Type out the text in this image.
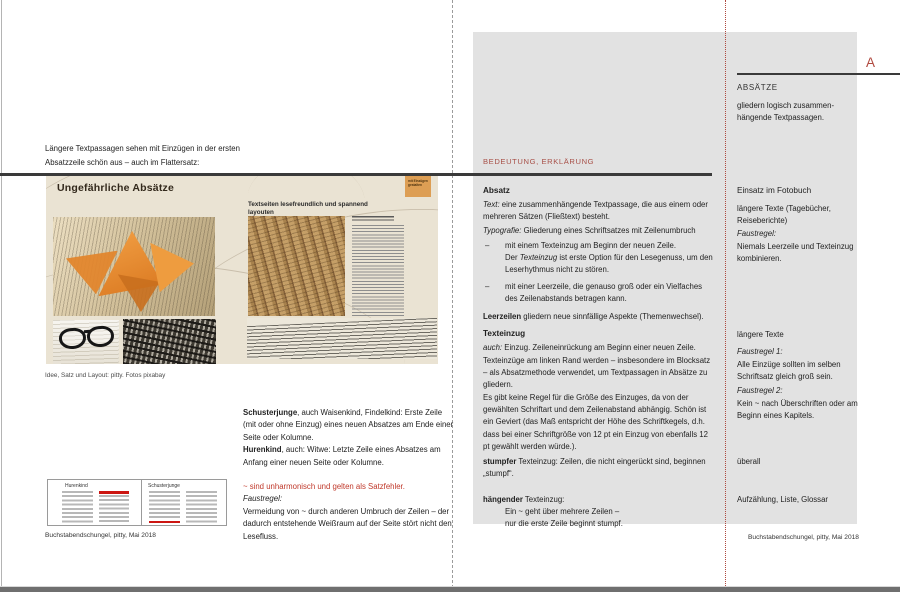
Längere Textpassagen sehen mit Einzügen in der ersten Absatzzeile schön aus – auch im Flattersatz:
Ungefährliche Absätze
mit Einzügen gestalten
Textseiten lesefreundlich und spannend layouten
Idee, Satz und Layout: pitty. Fotos pixabay

Schusterjunge, auch Waisenkind, Findelkind: Erste Zeile (mit oder ohne Einzug) eines neuen Absatzes am Ende einer Seite oder Kolumne.

Hurenkind, auch: Witwe: Letzte Zeile eines Absatzes am Anfang einer neuen Seite oder Kolumne.

~ sind unharmonisch und gelten als Satzfehler.

Faustregel:

Vermeidung von ~ durch anderen Umbruch der Zeilen – der dadurch entstehende Weißraum auf der Seite stört nicht den Lesefluss.

Hurenkind	Schusterjunge
Buchstabendschungel, pitty, Mai 2018
A
ABSÄTZE
gliedern logisch zusammen-hängende Textpassagen.
BEDEUTUNG, ERKLÄRUNG
Absatz
Text: eine zusammenhängende Textpassage, die aus einem oder mehreren Sätzen (Fließtext) besteht.
Typografie: Gliederung eines Schriftsatzes mit Zeilenumbruch
– mit einem Texteinzug am Beginn der neuen Zeile.
Der Texteinzug ist erste Option für den Lesegenuss, um den Leserhythmus nicht zu stören.
– mit einer Leerzeile, die genauso groß oder ein Vielfaches des Zeilenabstands betragen kann.
Leerzeilen gliedern neue sinnfällige Aspekte (Themenwechsel).
Texteinzug
auch: Einzug. Zeileneinrückung am Beginn einer neuen Zeile.
Texteinzüge am linken Rand werden – insbesondere im Blocksatz – als Absatzmethode verwendet, um Textpassagen in Absätze zu gliedern.
Es gibt keine Regel für die Größe des Einzuges, da von der gewählten Schriftart und dem Zeilenabstand abhängig. Schön ist ein Geviert (das Maß entspricht der Höhe des Schriftkegels, d.h. dass bei einer Schriftgröße von 12 pt ein Einzug von ebenfalls 12 pt gewählt werden würde.).
stumpfer Texteinzug: Zeilen, die nicht eingerückt sind, beginnen „stumpf“.
hängender Texteinzug:
Ein ~ geht über mehrere Zeilen –
nur die erste Zeile beginnt stumpf.
Einsatz im Fotobuch
längere Texte (Tagebücher, Reiseberichte)
Faustregel:
Niemals Leerzeile und Texteinzug kombinieren.
längere Texte
Faustregel 1:
Alle Einzüge sollten im selben Schriftsatz gleich groß sein.
Faustregel 2:
Kein ~ nach Überschriften oder am Beginn eines Kapitels.
überall
Aufzählung, Liste, Glossar
Buchstabendschungel, pitty, Mai 2018
